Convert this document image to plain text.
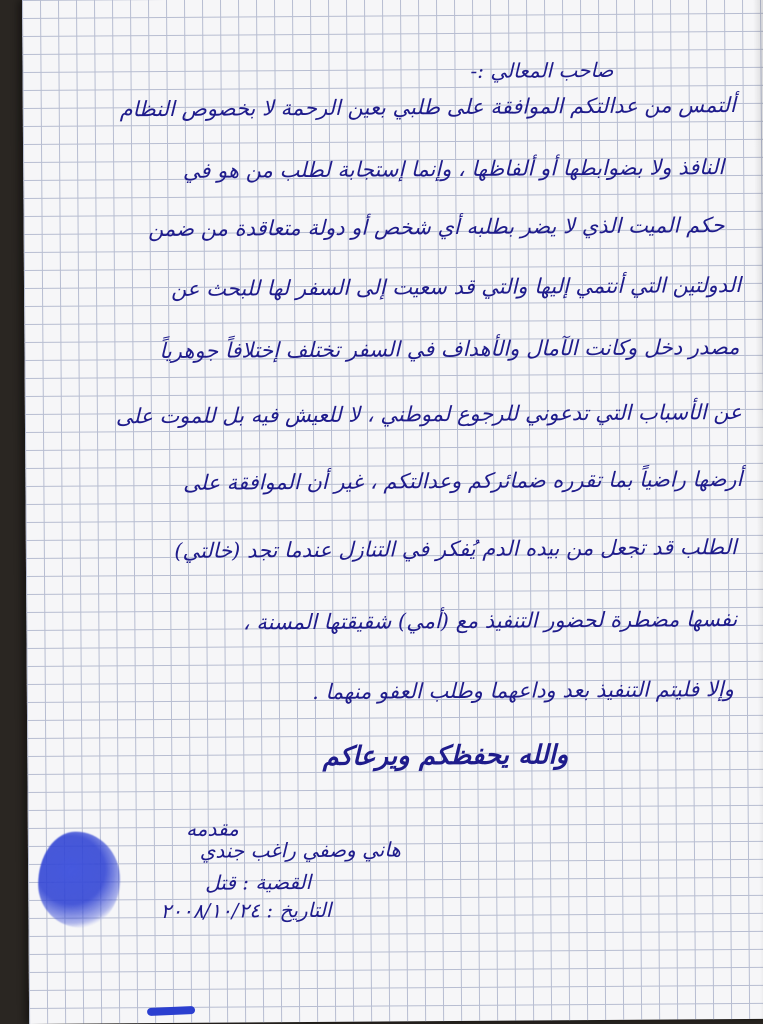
صاحب المعالي :-
ألتمس من عدالتكم الموافقة على طلبي بعين الرحمة لا بخصوص النظام
النافذ ولا بضوابطها أو ألفاظها ، وإنما إستجابة لطلب من هو في
حكم الميت الذي لا يضر بطلبه أي شخص أو دولة متعاقدة من ضمن
الدولتين التي أنتمي إليها والتي قد سعيت إلى السفر لها للبحث عن
مصدر دخل وكانت الآمال والأهداف في السفر تختلف إختلافاً جوهرياً
عن الأسباب التي تدعوني للرجوع لموطني ، لا للعيش فيه بل للموت على
أرضها راضياً بما تقرره ضمائركم وعدالتكم ، غير أن الموافقة على
الطلب قد تجعل من بيده الدم يُفكر في التنازل عندما تجد (خالتي)
نفسها مضطرة لحضور التنفيذ مع (أمي) شقيقتها المسنة ،
وإلا فليتم التنفيذ بعد وداعهما وطلب العفو منهما .
والله يحفظكم ويرعاكم
مقدمه
هاني وصفي راغب جندي
القضية : قتل
التاريخ : ٢٠٠٨/١٠/٢٤
